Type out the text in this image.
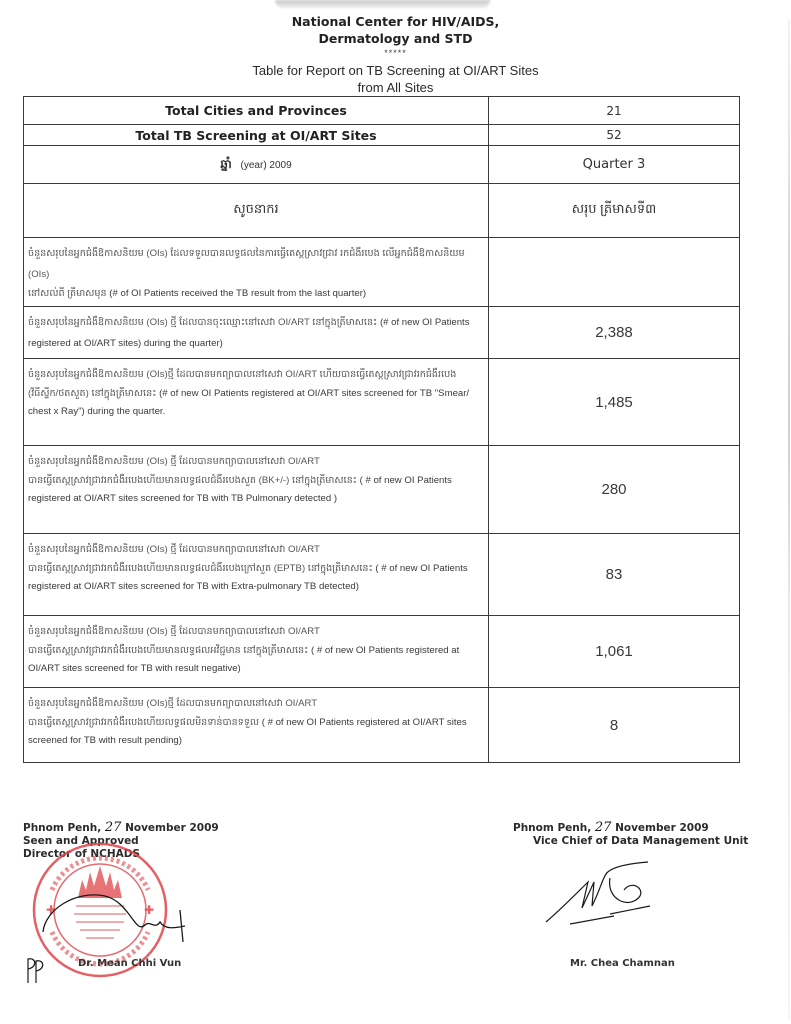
National Center for HIV/AIDS,
Dermatology and STD
*****
Table for Report on TB Screening at OI/ART Sites
from All Sites
Total Cities and Provinces	21
Total TB Screening at OI/ART Sites	52
ឆ្នាំ (year) 2009	Quarter 3
សូចនាករ	សរុប ត្រីមាសទី៣
ចំនួនសរុបនៃអ្នកជំងឺឱកាសនិយម (OIs) ដែលទទួលបានលទ្ធផលនៃការធ្វើតេស្តស្រាវជ្រាវ រកជំងឺរបេង លើអ្នកជំងឺឱកាសនិយម (OIs)
នៅសល់ពី ត្រីមាសមុន (# of OI Patients received the TB result from the last quarter)	

ចំនួនសរុបនៃអ្នកជំងឺឱកាសនិយម (OIs) ថ្មី ដែលបានចុះឈ្មោះនៅសេវា OI/ART នៅក្នុងត្រីមាសនេះ (# of new OI Patients registered at OI/ART sites) during the quarter)	2,388
ចំនួនសរុបនៃអ្នកជំងឺឱកាសនិយម (OIs)ថ្មី ដែលបានមកព្យាបាលនៅសេវា OI/ART ហើយបានធ្វើតេស្តស្រាវជ្រាវរកជំងឺរបេង
(វិធីស្ទីក/ថតសួត) នៅក្នុងត្រីមាសនេះ (# of new OI Patients registered at OI/ART sites screened for TB "Smear/ chest x Ray") during the quarter.	1,485
ចំនួនសរុបនៃអ្នកជំងឺឱកាសនិយម (OIs) ថ្មី ដែលបានមកព្យាបាលនៅសេវា OI/ART
បានធ្វើតេស្តស្រាវជ្រាវរកជំងឺរបេងហើយមានលទ្ធផលជំងឺរបេងសួត (BK+/-) នៅក្នុងត្រីមាសនេះ ( # of new OI Patients registered at OI/ART sites screened for TB with TB Pulmonary detected )	280
ចំនួនសរុបនៃអ្នកជំងឺឱកាសនិយម (OIs) ថ្មី ដែលបានមកព្យាបាលនៅសេវា OI/ART
បានធ្វើតេស្តស្រាវជ្រាវរកជំងឺរបេងហើយមានលទ្ធផលជំងឺរបេងក្រៅសួត (EPTB) នៅក្នុងត្រីមាសនេះ ( # of new OI Patients registered at OI/ART sites screened for TB with Extra-pulmonary TB detected)	83
ចំនួនសរុបនៃអ្នកជំងឺឱកាសនិយម (OIs) ថ្មី ដែលបានមកព្យាបាលនៅសេវា OI/ART
បានធ្វើតេស្តស្រាវជ្រាវរកជំងឺរបេងហើយមានលទ្ធផលអវិជ្ជមាន នៅក្នុងត្រីមាសនេះ ( # of new OI Patients registered at OI/ART sites screened for TB with result negative)	1,061
ចំនួនសរុបនៃអ្នកជំងឺឱកាសនិយម (OIs)ថ្មី ដែលបានមកព្យាបាលនៅសេវា OI/ART
បានធ្វើតេស្តស្រាវជ្រាវរកជំងឺរបេងហើយលទ្ធផលមិនទាន់បានទទួល ( # of new OI Patients registered at OI/ART sites screened for TB with result pending)	8
Phnom Penh, 27 November 2009
Seen and Approved
Director of NCHADS
✚	✚
Dr. Mean Chhi Vun
Phnom Penh, 27 November 2009
Vice Chief of Data Management Unit
Mr. Chea Chamnan
